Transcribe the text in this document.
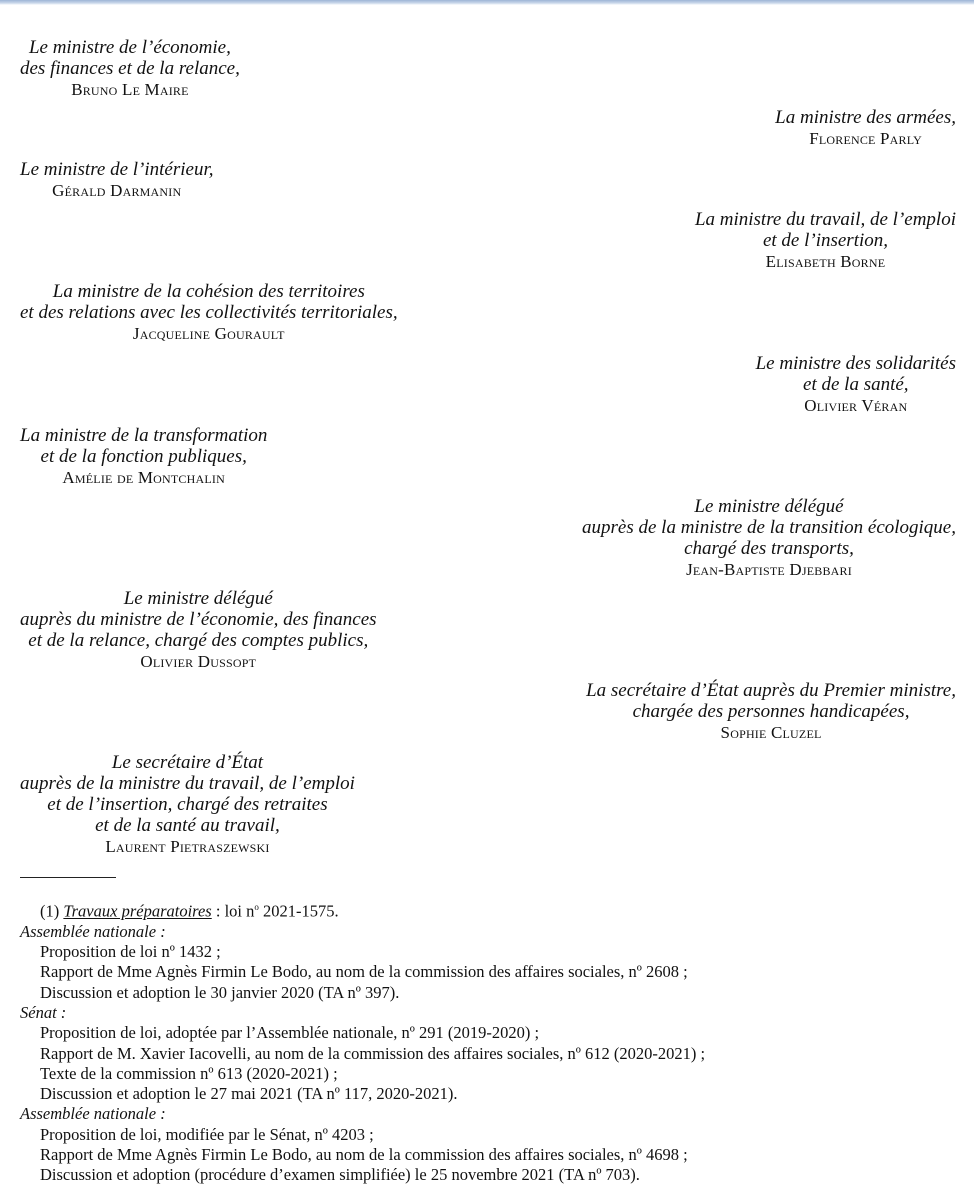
Le ministre de l’économie,
des finances et de la relance,
Bruno Le Maire
La ministre des armées,
Florence Parly
Le ministre de l’intérieur,
Gérald Darmanin
La ministre du travail, de l’emploi
et de l’insertion,
Elisabeth Borne
La ministre de la cohésion des territoires
et des relations avec les collectivités territoriales,
Jacqueline Gourault
Le ministre des solidarités
et de la santé,
Olivier Véran
La ministre de la transformation
et de la fonction publiques,
Amélie de Montchalin
Le ministre délégué
auprès de la ministre de la transition écologique,
chargé des transports,
Jean-Baptiste Djebbari
Le ministre délégué
auprès du ministre de l’économie, des finances
et de la relance, chargé des comptes publics,
Olivier Dussopt
La secrétaire d’État auprès du Premier ministre,
chargée des personnes handicapées,
Sophie Cluzel
Le secrétaire d’État
auprès de la ministre du travail, de l’emploi
et de l’insertion, chargé des retraites
et de la santé au travail,
Laurent Pietraszewski
(1) Travaux préparatoires : loi $n^o$ 2021-1575.
Assemblée nationale :
Proposition de loi nº 1432 ;
Rapport de Mme Agnès Firmin Le Bodo, au nom de la commission des affaires sociales, nº 2608 ;
Discussion et adoption le 30 janvier 2020 (TA nº 397).
Sénat :
Proposition de loi, adoptée par l’Assemblée nationale, nº 291 (2019-2020) ;
Rapport de M. Xavier Iacovelli, au nom de la commission des affaires sociales, nº 612 (2020-2021) ;
Texte de la commission nº 613 (2020-2021) ;
Discussion et adoption le 27 mai 2021 (TA nº 117, 2020-2021).
Assemblée nationale :
Proposition de loi, modifiée par le Sénat, nº 4203 ;
Rapport de Mme Agnès Firmin Le Bodo, au nom de la commission des affaires sociales, nº 4698 ;
Discussion et adoption (procédure d’examen simplifiée) le 25 novembre 2021 (TA nº 703).
